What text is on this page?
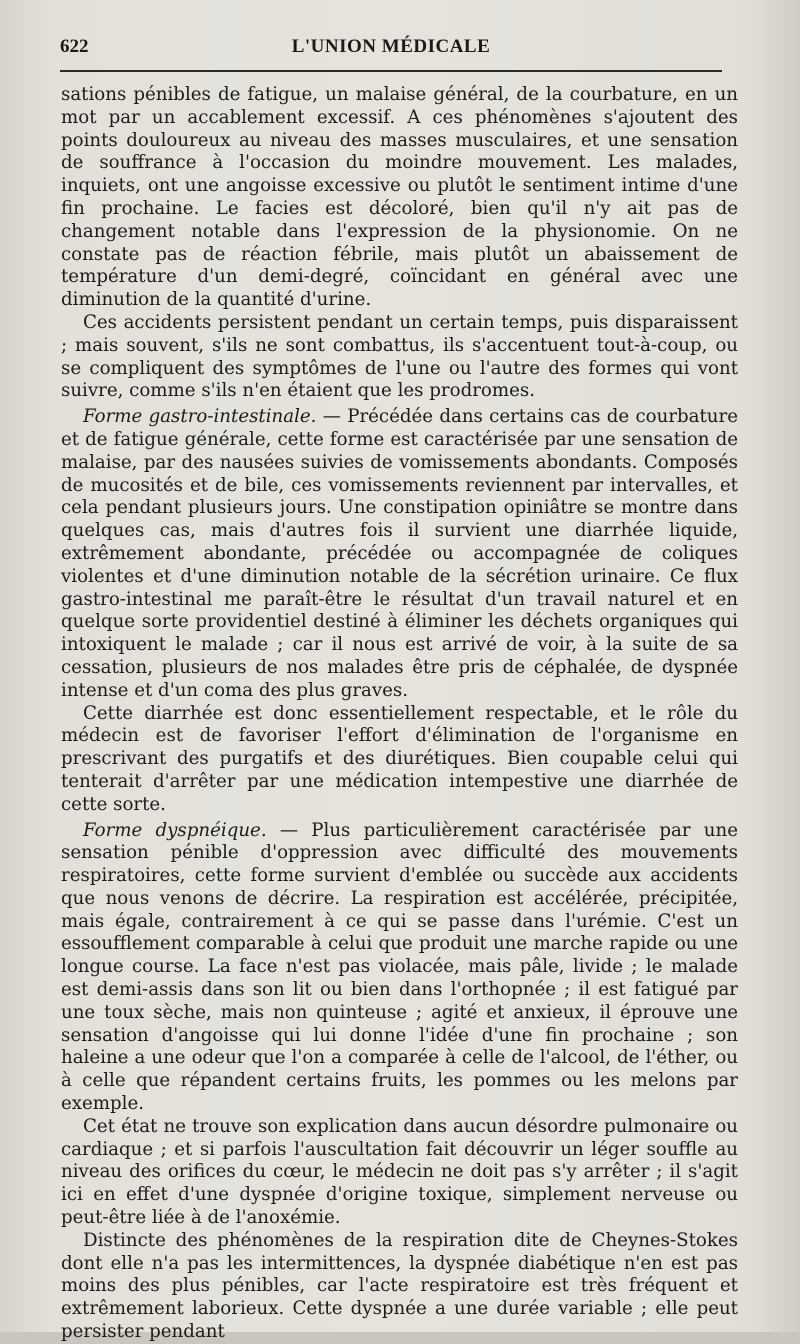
622	L'UNION MÉDICALE

sations pénibles de fatigue, un malaise général, de la courbature, en un mot par un accablement excessif. A ces phénomènes s'ajoutent des points douloureux au niveau des masses musculaires, et une sensation de souffrance à l'occasion du moindre mouvement. Les malades, inquiets, ont une angoisse excessive ou plutôt le sentiment intime d'une fin prochaine. Le facies est décoloré, bien qu'il n'y ait pas de changement notable dans l'expression de la physionomie. On ne constate pas de réaction fébrile, mais plutôt un abaissement de température d'un demi-degré, coïncidant en général avec une diminution de la quantité d'urine.

Ces accidents persistent pendant un certain temps, puis disparaissent ; mais souvent, s'ils ne sont combattus, ils s'accentuent tout-à-coup, ou se compliquent des symptômes de l'une ou l'autre des formes qui vont suivre, comme s'ils n'en étaient que les prodromes.

Forme gastro-intestinale. — Précédée dans certains cas de courbature et de fatigue générale, cette forme est caractérisée par une sensation de malaise, par des nausées suivies de vomissements abondants. Composés de mucosités et de bile, ces vomissements reviennent par intervalles, et cela pendant plusieurs jours. Une constipation opiniâtre se montre dans quelques cas, mais d'autres fois il survient une diarrhée liquide, extrêmement abondante, précédée ou accompagnée de coliques violentes et d'une diminution notable de la sécrétion urinaire. Ce flux gastro-intestinal me paraît-être le résultat d'un travail naturel et en quelque sorte providentiel destiné à éliminer les déchets organiques qui intoxiquent le malade ; car il nous est arrivé de voir, à la suite de sa cessation, plusieurs de nos malades être pris de céphalée, de dyspnée intense et d'un coma des plus graves.

Cette diarrhée est donc essentiellement respectable, et le rôle du médecin est de favoriser l'effort d'élimination de l'organisme en prescrivant des purgatifs et des diurétiques. Bien coupable celui qui tenterait d'arrêter par une médication intempestive une diarrhée de cette sorte.

Forme dyspnéique. — Plus particulièrement caractérisée par une sensation pénible d'oppression avec difficulté des mouvements respiratoires, cette forme survient d'emblée ou succède aux accidents que nous venons de décrire. La respiration est accélérée, précipitée, mais égale, contrairement à ce qui se passe dans l'urémie. C'est un essoufflement comparable à celui que produit une marche rapide ou une longue course. La face n'est pas violacée, mais pâle, livide ; le malade est demi-assis dans son lit ou bien dans l'orthopnée ; il est fatigué par une toux sèche, mais non quinteuse ; agité et anxieux, il éprouve une sensation d'angoisse qui lui donne l'idée d'une fin prochaine ; son haleine a une odeur que l'on a comparée à celle de l'alcool, de l'éther, ou à celle que répandent certains fruits, les pommes ou les melons par exemple.

Cet état ne trouve son explication dans aucun désordre pulmonaire ou cardiaque ; et si parfois l'auscultation fait découvrir un léger souffle au niveau des orifices du cœur, le médecin ne doit pas s'y arrêter ; il s'agit ici en effet d'une dyspnée d'origine toxique, simplement nerveuse ou peut-être liée à de l'anoxémie.

Distincte des phénomènes de la respiration dite de Cheynes-Stokes dont elle n'a pas les intermittences, la dyspnée diabétique n'en est pas moins des plus pénibles, car l'acte respiratoire est très fréquent et extrêmement laborieux. Cette dyspnée a une durée variable ; elle peut persister pendant
